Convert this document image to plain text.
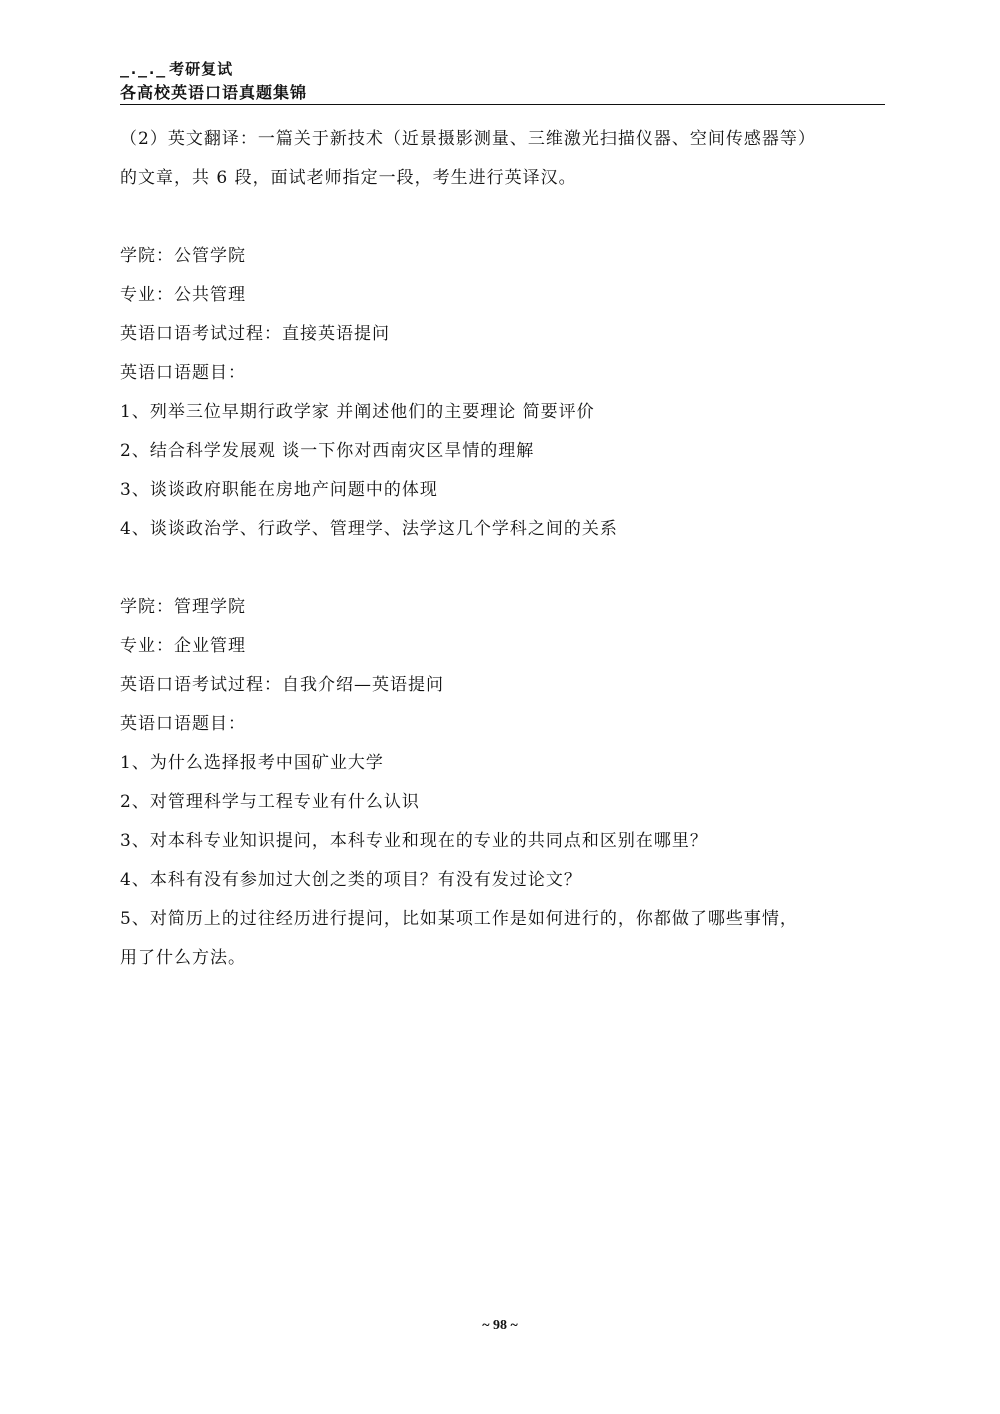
_._._ 考研复试
各高校英语口语真题集锦
（2）英文翻译：一篇关于新技术（近景摄影测量、三维激光扫描仪器、空间传感器等）
的文章，共 6 段，面试老师指定一段，考生进行英译汉。
学院：公管学院
专业：公共管理
英语口语考试过程：直接英语提问
英语口语题目：
1、列举三位早期行政学家 并阐述他们的主要理论 简要评价
2、结合科学发展观 谈一下你对西南灾区旱情的理解
3、谈谈政府职能在房地产问题中的体现
4、谈谈政治学、行政学、管理学、法学这几个学科之间的关系
学院：管理学院
专业：企业管理
英语口语考试过程：自我介绍—英语提问
英语口语题目：
1、为什么选择报考中国矿业大学
2、对管理科学与工程专业有什么认识
3、对本科专业知识提问，本科专业和现在的专业的共同点和区别在哪里？
4、本科有没有参加过大创之类的项目？有没有发过论文？
5、对简历上的过往经历进行提问，比如某项工作是如何进行的，你都做了哪些事情，
用了什么方法。
~ 98 ~
